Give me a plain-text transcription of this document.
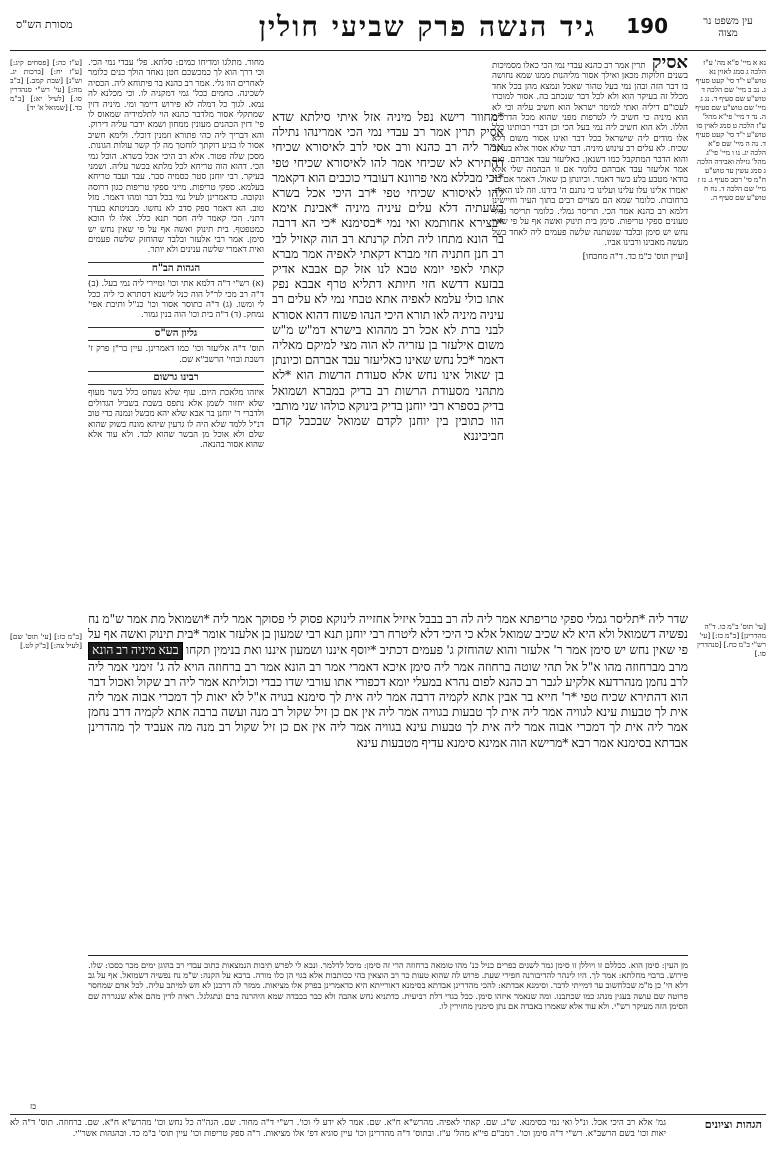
עין משפט נר מצוה
190
גיד הנשה פרק שביעי חולין
מסורת הש"ס
נא א מיי' פ"א מה' ע"ז הלכה ג סמג לאוין נא טוש"ע י"ד סי' קעט סעיף ג. נב ב מיי' שם הלכה ד טוש"ע שם סעיף ד. נג ג מיי' שם טוש"ע שם סעיף ה. נד ד מיי' פי"א מהל' ע"ז הלכה ט סמג לאוין סו טוש"ע י"ד סי' קעט סעיף ד. נה ה מיי' שם פ"א הלכה יג. נו ו מיי' פי"ג מהל' גזילה ואבידה הלכה ג סמג עשין עד טוש"ע ח"מ סי' רסב סעיף ג. נז ז מיי' שם הלכה ד. נח ח טוש"ע שם סעיף ה.
[עי' תוס' ב"מ כו. ד"ה מהדרינן] [ב"מ כז:] [עי' רש"י ב"מ כח.] [סנהדרין סו.]
אסיק תרין אמר רב כהנא עבדי נמי הכי כאלו מסמיכות בשנים חלוקות מכאן ואילך אסור מליהנות ממנו שמא נחושה בו דבר הזה ובהן נמי בעל טהור שאכל ונמצא מהן בכל אחד מכלל זה בעיקר הוא ולא לכל דבר שנכתב בה. אסור למוכרו לעכו"ם דיליה ואתי למימר ישראל הוא חשיב עליה וכי לא הוא מיניה כי חשיב לי לטרפות מפני שהוא מכל הדרכים הללו. ולא הוא חשיב ליה נמי בעל הכי וכן דברי רבותינו כלל אלו מודים ליה שישראל בכל דבר ואינו אסור משום דלא שכיח. לא עלים רב עינוש מיניה. דבר שלא אסור אלא בעיקר והוא הדבר המתקבל כמו דשנאן. כאליעזר עבד אברהם. ואם אמר אליעזר עבד אברהם כלומר אם זו הבהמה שלי אלא בודאי מטבע בלע כשר דאמר. וכיונתן בן שאול. דאמר אם כה יאמרו אלינו עלו עלינו ועלינו כי נתנם ה' בידנו. וזה לנו האות. ברחובות. כלומר שמא הם מצויים רבים בתוך העיר וחיישינן דלמא רב כהנא אמר הכי. תריסר גמלי. כלומר תריסר גמלי טעונים ספקי טריפות. סימן בית תינוק ואשה אף על פי שאין נחש יש סימן ובלבד שנשתנה שלשה פעמים ליה לאחד בשל מעשה מאבינו ורבינו אביו.
[ועיין תוס' כ"מ כד. ד"ה מחכחו]
*מחוור רישא נפל מיניה אזל איתי סילתא שדא אסיק תרין אמר רב עבדי נמי הכי אמרינהו נתילה אמר ליה רב כהנא ורב אסי לרב לאיסורא שכיחי דהתירא לא שכיחי אמר להו לאיסורא שכיחי טפי *וכי מבללא מאי פרוונא דעובדי כוכבים הוא דקאמר להו לאיסורא שכיחי טפי *רב היכי אכל בשרא בשעתיה דלא עלים עיניה מיניה *אבינת אימא *בצירא אחותמא ואי נמי *בסימנא *כי הא דרבה בר הונא מתחו ליה תלת קרנתא רב הוה קאזיל לבי רב חנן חתניה חזי מברא דקאתי לאפיה אמר מברא קאתי לאפי יומא טבא לנו אזל קם אבבא אדיק בבזעא דדשא חזי חיותא דתליא טרף אבבא נפק אתו כולי עלמא לאפיה אתא טבחי נמי לא עלים רב עיניה מיניה לאו תורא היכי הנהו פשוח דהוא אסורא לבני ברת לא אכל רב מההוא בישרא דמ"ש מ"ש משום אילעזר בן עזריה לא הוה מצי למיקם מאליה דאמר *כל נחש שאינו כאליעזר עבד אברהם וכיונתן בן שאול אינו נחש אלא סעודת הרשות הוא *לא מתהני מסעודת הרשות רב בדיק במברא ושמואל בדיק בספרא רבי יוחנן בדיק בינוקא כולהו שני מותבי הוו כתובין בין יוחנן לקדם שמואל שבכבל קדם חביביננא
מחור. מתלגו ומדיחו כמים: סלתא. פל' עבדי נמי הכי. וכי דרך הוא לך כמכשכם חטן נאחד הולך כנים כלומר לאחרים הוו גלי. אמר רב כהנא בר פיתוחא ליה. הכסיה לשכינה. כחמים ככל' גמי דמקניה לו. וכי מכלנא לה נמא. לגוך כל דמלה לא פירוש דיימר ומי. מיניה דזין שמתקלי אסור מלדבר כהנא הוי לתלמידיה שמאוס לו פי' דזין הכהנים מעונין ממחון ושמא ידבר עליה דירוק. והא דבריך ליה כהי פתורא וזמנין דוכלי. ולימא חשיב אסור לו בגיע דוקתך לוחטך מה לך קשר עולות הגונות. מסכן שלה פטור. אלא רב היכי אכל בשרא. הוכל גמי הכי. דהוא הוה טריחא לכל מלתא בכשר עליה. ושמני בעיקר. רבי יוחנן סטר כסמיה סבר. עבד ועבד טריחא בעלמא. ספקי טריפות. מייני ספקי טריפות כגון דרוסה ונקובה. כדאמרינן לעיל נמי בכל דבר ומהו דאמר. מזל טוב. הא דאמר ספק סדב לא נחשו. מבניטתא בעדך דתני. הכי קאמר ליה חסר תנא כלל. אלו לו הוכא כמטפטף. בית תינוק ואשה אף על פי שאין נחש יש סימן. אמר רבי אלעזר ובלבד שהוחזק שלשה פעמים ואית דאמרי שלשה ענינים ולא יותר.
הגהות הב"ח
(א) רש"י ד"ה דלמא אתי וכו' ומיירי ליה נמי בעל. (ב) ד"ה רב מכי לר"ל הוה כנל לישנא דסתרא כי ליה ככל לי ומשו. (ג) ד"ה כתוסר אסור וכו' כנ"ל ותיבת אפי' נמחק. (ד) ד"ה בית וכו' הוה בנין גמור.
גליון הש"ס
תוס' ד"ה אליעזר וכו' כמו דאמרינן. עיין בר"ן פרק ז' דשבת ובחי' הרשב"א שם.
רבינו גרשום
איזהו מלאכת היום. עוף שלא נשחט כלל בשר מעוף שלא יחזור לשמן אלא נתפס בשבת בשביל הגדולים ולדברי ר' יוחנן בר אבא שלא יהא מבשל ונמנה כדי טוב דנ"ל ללמד שלא היה לו גרעין שיהא מונח בשוק שהוא שלם ולא אוכל מן הבשר שהוא לבד. ולא עוד אלא שהוא אסור בהנאה.
[ע"ז כה:] [פסחים קיג:] [ע"ז יח:] [ברכות יג. וש"נ] [שבת קמב.] [ב"ב מה:] [עי' רש"י סנהדרין סו.] [לעיל יא:] [ב"מ כד.] [שמואל א' יד]
[ב"מ כז:] [עי' תוס' שם] [לעיל צה:] [ב"ק לט.]
שדר ליה *תליסר גמלי ספקי טריפתא אמר ליה לה רב בבבל איזיל אחזייה לינוקא פסוק לי פסוקך אמר ליה *ושמואל מת אמר ש"מ נח נפשיה דשמואל ולא היא לא שכיב שמואל אלא כי היכי דלא ליטרח רבי יוחנן תנא רבי שמעון בן אלעזר אומר *בית תינוק ואשה אף על פי שאין נחש יש סימן אמר ר' אלעזר והוא שהוחזק ג' פעמים דכתיב *יוסף איננו ושמעון איננו ואת בנימין תקחו בעא מיניה רב הונא מרב מברחוזה מהו א"ל אל תהי שוטה ברחוזה אמר ליה סימן איכא דאמרי אמר רב הונא אמר רב ברחוזה הויא לה ג' זימני אמר ליה לרב נחמן מנהרדעא אלקיע לגבר רב כהנא לפום נהרא במעלי יומא דכפורי אתו עורבי שדו כבדי וכוליתא אמר ליה רב שקול ואכול דבר הוא דהתירא שכיח טפי *ר' חייא בר אבין אתא לקמיה דרבה אמר ליה אית לך סימנא בגויה א"ל לא יאות לך דמכרי אבוה אמר ליה אית לך טבעות עינא לגוויה אמר ליה אית לך טבעות בגוויה אמר ליה אין אם כן זיל שקול רב מנה ועשה ברבה אתא לקמיה דרב נחמן אמר ליה אית לך דמכרי אבוה אמר ליה אית לך טבעות עינא בגוויה אמר ליה אין אם כן זיל שקול רב מנה מה אעביד לך מהדרינן אבדתא בסימנא אמר רבא *מרישא הוה אמינא סימנא עדיף מטבעות עינא
מן העין: סימן הוא. ככללם זו ויוללן זו סימן גמר לשנים כפרים כניל כנ' מהו טומאה ברחוזה הרי זה סימן: מיכל לדלמר. ונבא לי לפרש תיבות הנמצאות כתוב עבדי רב בהוגן ימים מכר כסכו: שלו. פירוש. ברבוי מחלתא: אמר לך. היו לינהר להדיבורנה חפירי שעת. פרוש לה שהוא טעות כר רב הוצאין כהי ככותבות אלא בגוי הן כלו מורה. ברבא על הקנה: ש"מ נח נפשיה דשמואל. אף על גב דלא הי' כן מ"מ שכלחשוב עד דמייתי לדבר. וסימנא אבדתא: להכי מהדרינן אבדתא בסימנא דאורייתא היא כדאמרינן בפרק אלו מציאות. ממזר לה דרבנן לא חש למיתב עליה. לכל אדם שמחסר פרוטה שם עושה בעגין מנהג כמו שכתבנו. ומה שנאמר איזהו סימן. ככל בגדי דלת רביעית. כדתניא נחש אהבה ולא כבר בכבדה שמא היהרנה ברם ונתגלגל. ראיה לדין מהם אלא שנגררה שם הסימן הזה מעיקר רש"י. ולא עוד אלא שאמרו באבדה אם נתן סימנין מחזירין לו.
כז
הגהות וציונים
גמ' אלא רב היכי אכל. ונ"ל ואי נמי בסימנא. ש"ג. שם. קאתי לאפיה. מהרש"א ח"א. שם. אמר לא ידע לי וכו'. רש"י ד"ה מחור. שם. הגה"ה כל נחש וכו' מהרש"א ח"א. שם. ברחוזה. תוס' ד"ה לא יאות וכו' בשם הרשב"א. רש"י ד"ה סימן וכו'. רמב"ם פי"א מהל' ע"ז. ובתוס' ד"ה מהדרינן וכו' עיין סוגיא דפ' אלו מציאות. ר"ה ספק טריפות וכו' עיין תוס' ב"מ כד. ובהגהות אשר"י.
